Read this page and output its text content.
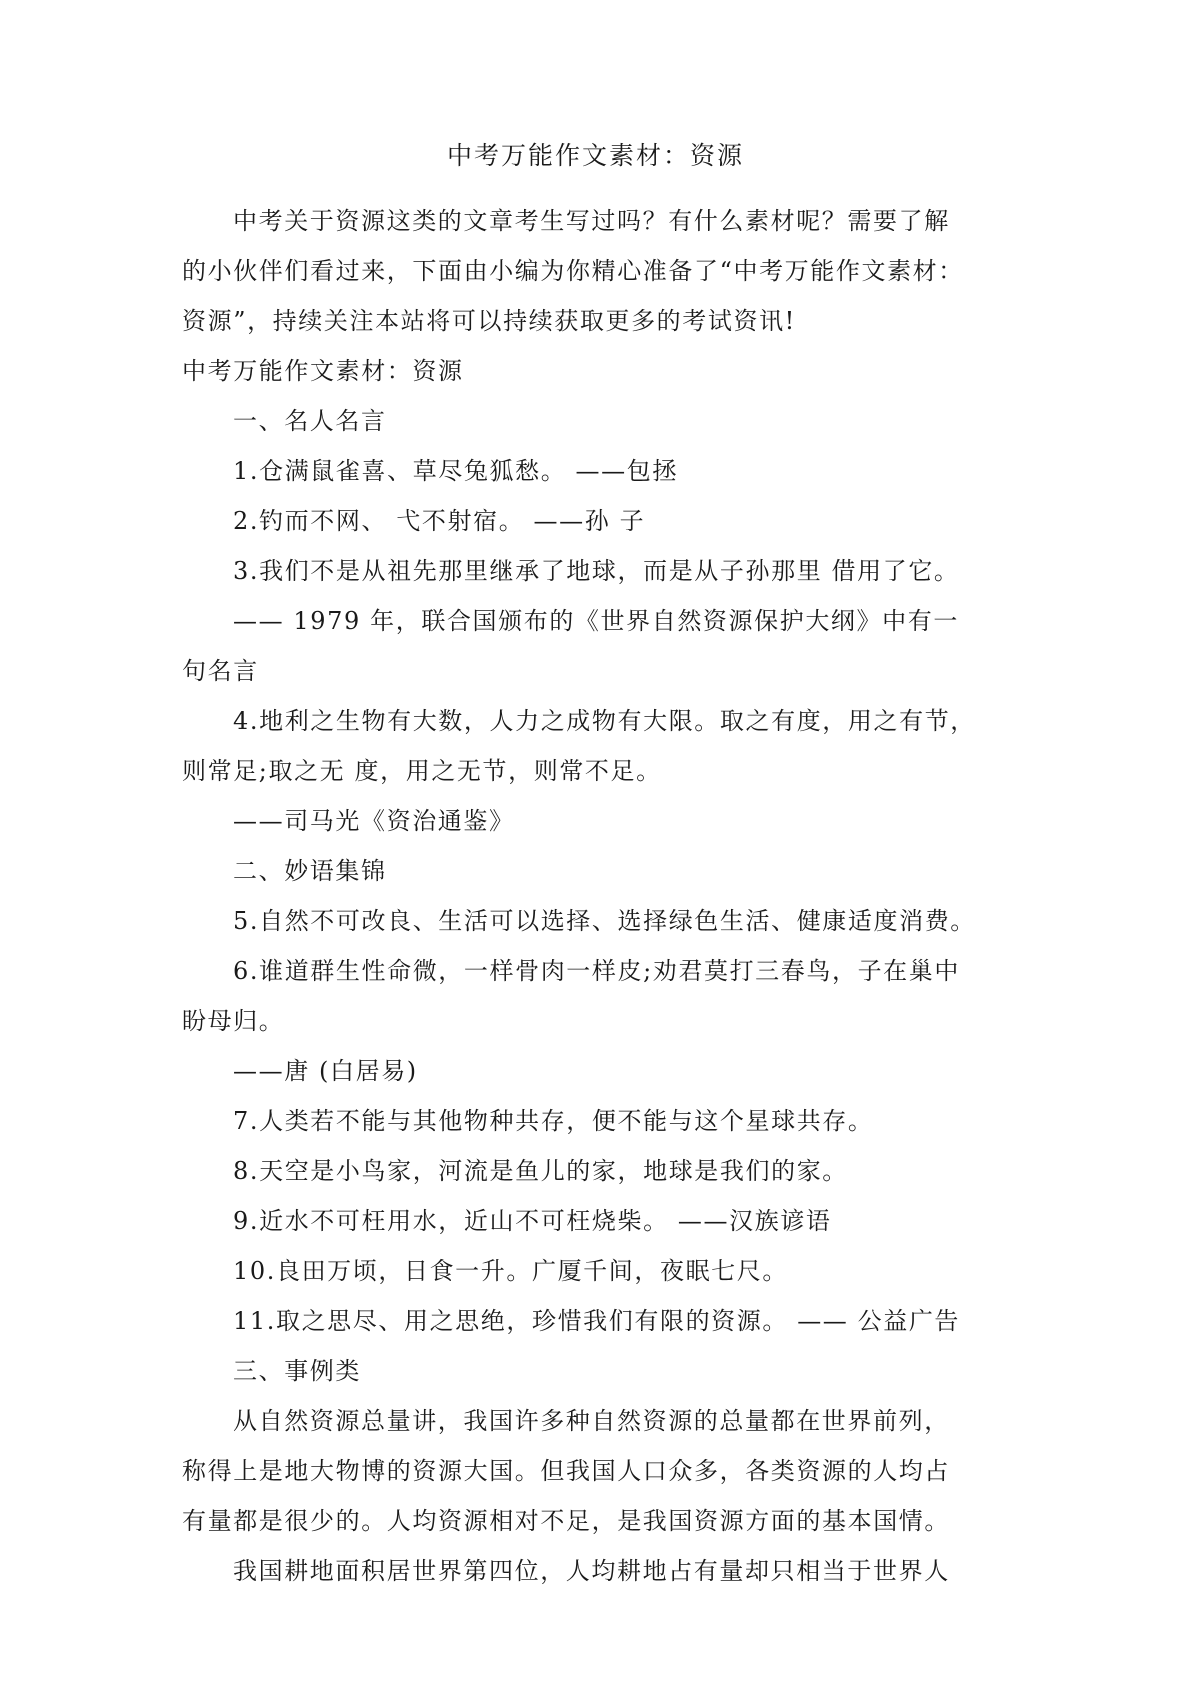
中考万能作文素材：资源
中考关于资源这类的文章考生写过吗？有什么素材呢？需要了解
的小伙伴们看过来，下面由小编为你精心准备了“中考万能作文素材：
资源”，持续关注本站将可以持续获取更多的考试资讯!
中考万能作文素材：资源
一、名人名言
1.仓满鼠雀喜、草尽兔狐愁。 ——包拯
2.钓而不网、 弋不射宿。 ——孙 子
3.我们不是从祖先那里继承了地球，而是从子孙那里 借用了它。
—— 1979 年，联合国颁布的《世界自然资源保护大纲》中有一
句名言
4.地利之生物有大数，人力之成物有大限。取之有度，用之有节，
则常足;取之无 度，用之无节，则常不足。
——司马光《资治通鉴》
二、妙语集锦
5.自然不可改良、生活可以选择、选择绿色生活、健康适度消费。
6.谁道群生性命微，一样骨肉一样皮;劝君莫打三春鸟，子在巢中
盼母归。
——唐 (白居易)
7.人类若不能与其他物种共存，便不能与这个星球共存。
8.天空是小鸟家，河流是鱼儿的家，地球是我们的家。
9.近水不可枉用水，近山不可枉烧柴。 ——汉族谚语
10.良田万顷，日食一升。广厦千间，夜眠七尺。
11.取之思尽、用之思绝，珍惜我们有限的资源。 —— 公益广告
三、事例类
从自然资源总量讲，我国许多种自然资源的总量都在世界前列，
称得上是地大物博的资源大国。但我国人口众多，各类资源的人均占
有量都是很少的。人均资源相对不足，是我国资源方面的基本国情。
我国耕地面积居世界第四位，人均耕地占有量却只相当于世界人
